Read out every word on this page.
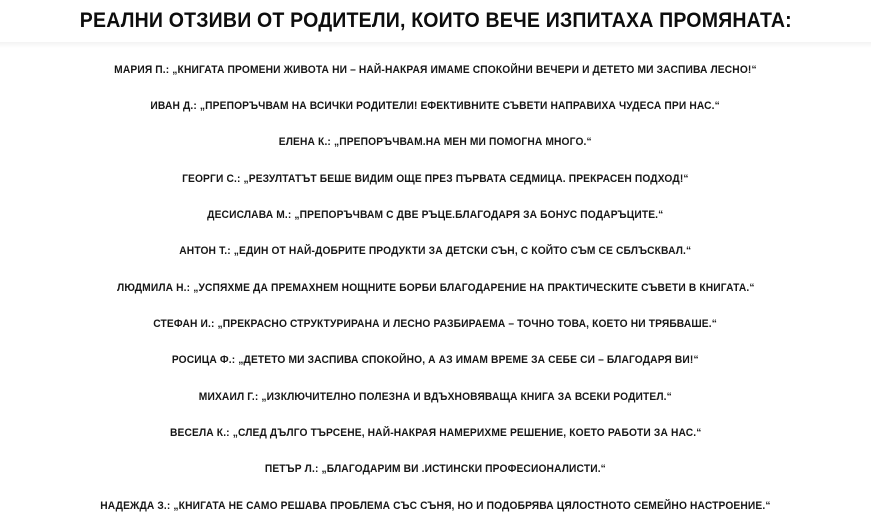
РЕАЛНИ ОТЗИВИ ОТ РОДИТЕЛИ, КОИТО ВЕЧЕ ИЗПИТАХА ПРОМЯНАТА:
МАРИЯ П.: „КНИГАТА ПРОМЕНИ ЖИВОТА НИ – НАЙ-НАКРАЯ ИМАМЕ СПОКОЙНИ ВЕЧЕРИ И ДЕТЕТО МИ ЗАСПИВА ЛЕСНО!“
ИВАН Д.: „ПРЕПОРЪЧВАМ НА ВСИЧКИ РОДИТЕЛИ! ЕФЕКТИВНИТЕ СЪВЕТИ НАПРАВИХА ЧУДЕСА ПРИ НАС.“
ЕЛЕНА К.: „ПРЕПОРЪЧВАМ.НА МЕН МИ ПОМОГНА МНОГО.“
ГЕОРГИ С.: „РЕЗУЛТАТЪТ БЕШЕ ВИДИМ ОЩЕ ПРЕЗ ПЪРВАТА СЕДМИЦА. ПРЕКРАСЕН ПОДХОД!“
ДЕСИСЛАВА М.: „ПРЕПОРЪЧВАМ С ДВЕ РЪЦЕ.БЛАГОДАРЯ ЗА БОНУС ПОДАРЪЦИТЕ.“
АНТОН Т.: „ЕДИН ОТ НАЙ-ДОБРИТЕ ПРОДУКТИ ЗА ДЕТСКИ СЪН, С КОЙТО СЪМ СЕ СБЛЪСКВАЛ.“
ЛЮДМИЛА Н.: „УСПЯХМЕ ДА ПРЕМАХНЕМ НОЩНИТЕ БОРБИ БЛАГОДАРЕНИЕ НА ПРАКТИЧЕСКИТЕ СЪВЕТИ В КНИГАТА.“
СТЕФАН И.: „ПРЕКРАСНО СТРУКТУРИРАНА И ЛЕСНО РАЗБИРАЕМА – ТОЧНО ТОВА, КОЕТО НИ ТРЯБВАШЕ.“
РОСИЦА Ф.: „ДЕТЕТО МИ ЗАСПИВА СПОКОЙНО, А АЗ ИМАМ ВРЕМЕ ЗА СЕБЕ СИ – БЛАГОДАРЯ ВИ!“
МИХАИЛ Г.: „ИЗКЛЮЧИТЕЛНО ПОЛЕЗНА И ВДЪХНОВЯВАЩА КНИГА ЗА ВСЕКИ РОДИТЕЛ.“
ВЕСЕЛА К.: „СЛЕД ДЪЛГО ТЪРСЕНЕ, НАЙ-НАКРАЯ НАМЕРИХМЕ РЕШЕНИЕ, КОЕТО РАБОТИ ЗА НАС.“
ПЕТЪР Л.: „БЛАГОДАРИМ ВИ .ИСТИНСКИ ПРОФЕСИОНАЛИСТИ.“
НАДЕЖДА З.: „КНИГАТА НЕ САМО РЕШАВА ПРОБЛЕМА СЪС СЪНЯ, НО И ПОДОБРЯВА ЦЯЛОСТНОТО СЕМЕЙНО НАСТРОЕНИЕ.“
